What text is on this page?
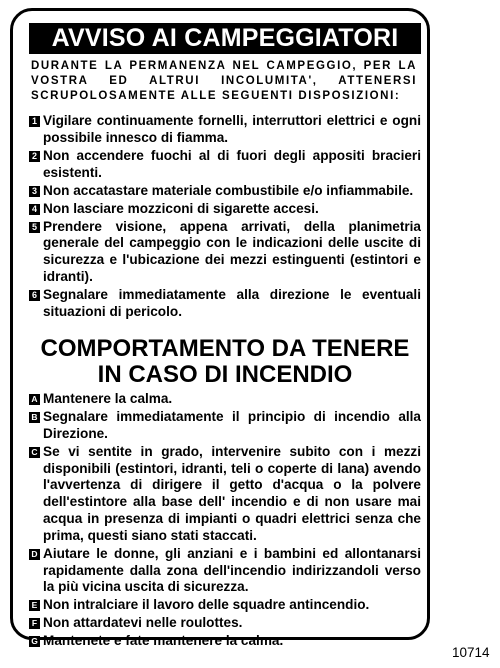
AVVISO AI CAMPEGGIATORI
DURANTE LA PERMANENZA NEL CAMPEGGIO, PER LA VOSTRA ED ALTRUI INCOLUMITA', ATTENERSI SCRUPOLOSAMENTE ALLE SEGUENTI DISPOSIZIONI:
1 Vigilare continuamente fornelli, interruttori elettrici e ogni possibile innesco di fiamma.
2 Non accendere fuochi al di fuori degli appositi bracieri esistenti.
3 Non accatastare materiale combustibile e/o infiammabile.
4 Non lasciare mozziconi di sigarette accesi.
5 Prendere visione, appena arrivati, della planimetria generale del campeggio con le indicazioni delle uscite di sicurezza e l'ubicazione dei mezzi estinguenti (estintori e idranti).
6 Segnalare immediatamente alla direzione le eventuali situazioni di pericolo.
COMPORTAMENTO DA TENERE
IN CASO DI INCENDIO
A Mantenere la calma.
B Segnalare immediatamente il principio di incendio alla Direzione.
C Se vi sentite in grado, intervenire subito con i mezzi disponibili (estintori, idranti, teli o coperte di lana) avendo l'avvertenza di dirigere il getto d'acqua o la polvere dell'estintore alla base dell' incendio e di non usare mai acqua in presenza di impianti o quadri elettrici senza che prima, questi siano stati staccati.
D Aiutare le donne, gli anziani e i bambini ed allontanarsi rapidamente dalla zona dell'incendio indirizzandoli verso la più vicina uscita di sicurezza.
E Non intralciare il lavoro delle squadre antincendio.
F Non attardatevi nelle roulottes.
G Mantenete e fate mantenere la calma.
10714
